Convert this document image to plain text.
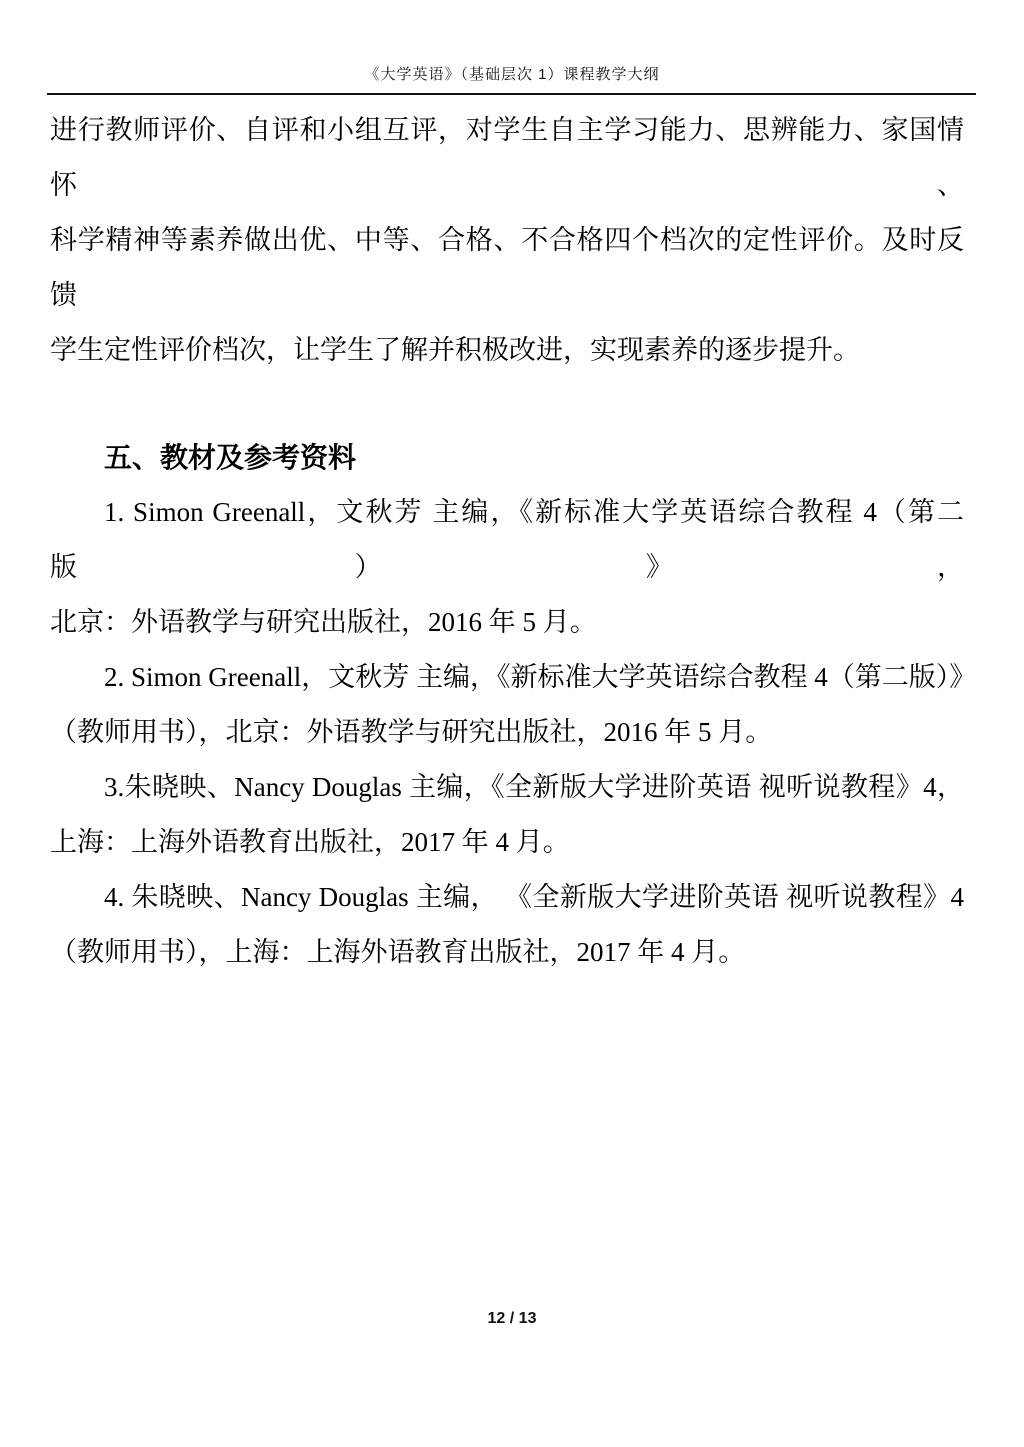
《大学英语》（基础层次 1）课程教学大纲
进行教师评价、自评和小组互评，对学生自主学习能力、思辨能力、家国情怀、
科学精神等素养做出优、中等、合格、不合格四个档次的定性评价。及时反馈
学生定性评价档次，让学生了解并积极改进，实现素养的逐步提升。
五、教材及参考资料
1. Simon Greenall，文秋芳 主编，《新标准大学英语综合教程 4（第二版）》，
北京：外语教学与研究出版社，2016 年 5 月。
2. Simon Greenall，文秋芳 主编，《新标准大学英语综合教程 4（第二版）》
（教师用书），北京：外语教学与研究出版社，2016 年 5 月。
3.朱晓映、Nancy Douglas 主编，《全新版大学进阶英语 视听说教程》4，
上海：上海外语教育出版社，2017 年 4 月。
4. 朱晓映、Nancy Douglas 主编， 《全新版大学进阶英语 视听说教程》4
（教师用书），上海：上海外语教育出版社，2017 年 4 月。
12 / 13
